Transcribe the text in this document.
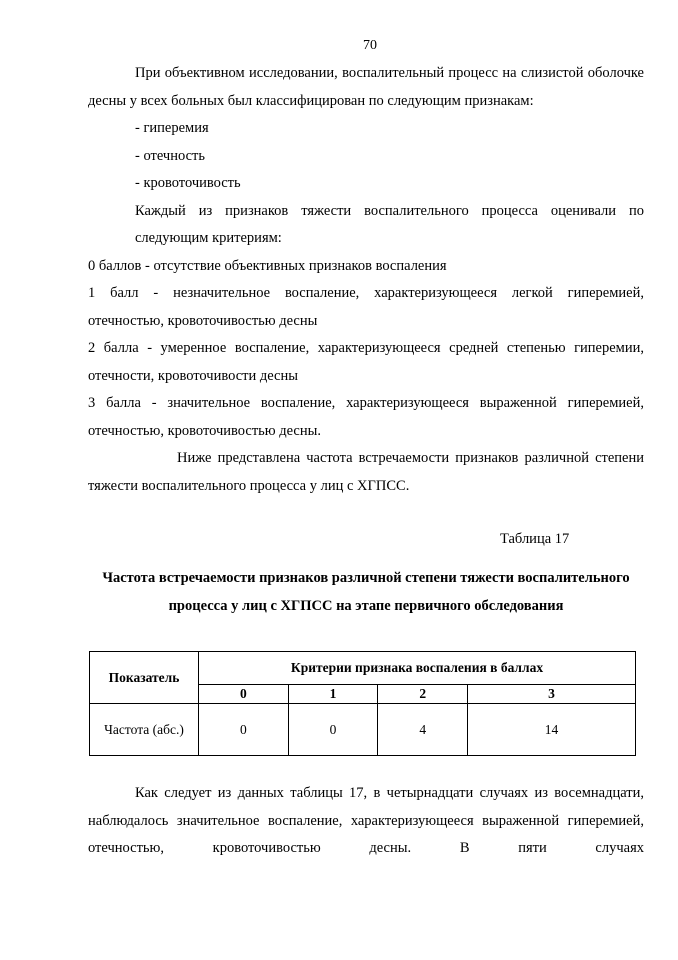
70

При объективном исследовании, воспалительный процесс на слизистой оболочке десны у всех больных был классифицирован по следующим признакам:

- гиперемия

- отечность

- кровоточивость

Каждый из признаков тяжести воспалительного процесса оценивали по следующим критериям:

0 баллов - отсутствие объективных признаков воспаления

1 балл - незначительное воспаление, характеризующееся легкой гиперемией, отечностью, кровоточивостью десны

2 балла - умеренное воспаление, характеризующееся средней степенью гиперемии, отечности, кровоточивости десны

3 балла - значительное воспаление, характеризующееся выраженной гиперемией, отечностью, кровоточивостью десны.

Ниже представлена частота встречаемости признаков различной степени тяжести воспалительного процесса у лиц с ХГПСС.

Таблица 17
Частота встречаемости признаков различной степени тяжести воспалительного процесса у лиц с ХГПСС на этапе первичного обследования
Показатель	Критерии признака воспаления в баллах			
	0	1	2	3
Частота (абс.)	0	0	4	14

Как следует из данных таблицы 17, в четырнадцати случаях из восемнадцати, наблюдалось значительное воспаление, характеризующееся выраженной гиперемией, отечностью, кровоточивостью десны. В пяти случаях
